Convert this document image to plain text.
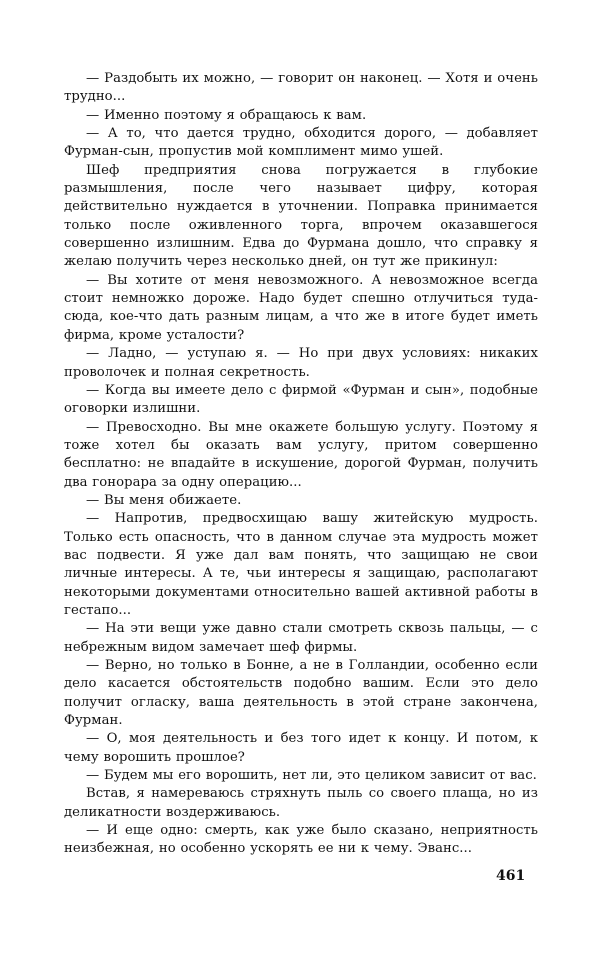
— Раздобыть их можно, — говорит он наконец. — Хотя и очень трудно...

— Именно поэтому я обращаюсь к вам.

— А то, что дается трудно, обходится дорого, — добавляет Фурман-сын, пропустив мой комплимент мимо ушей.

Шеф предприятия снова погружается в глубокие размышления, после чего называет цифру, которая действительно нуждается в уточнении. Поправка принимается только после оживленного торга, впрочем оказавшегося совершенно излишним. Едва до Фурмана дошло, что справку я желаю получить через несколько дней, он тут же прикинул:

— Вы хотите от меня невозможного. А невозможное всегда стоит немножко дороже. Надо будет спешно отлучиться туда-сюда, кое-что дать разным лицам, а что же в итоге будет иметь фирма, кроме усталости?

— Ладно, — уступаю я. — Но при двух условиях: никаких проволочек и полная секретность.

— Когда вы имеете дело с фирмой «Фурман и сын», подобные оговорки излишни.

— Превосходно. Вы мне окажете большую услугу. Поэтому я тоже хотел бы оказать вам услугу, притом совершенно бесплатно: не впадайте в искушение, дорогой Фурман, получить два гонорара за одну операцию...

— Вы меня обижаете.

— Напротив, предвосхищаю вашу житейскую мудрость. Только есть опасность, что в данном случае эта мудрость может вас подвести. Я уже дал вам понять, что защищаю не свои личные интересы. А те, чьи интересы я защищаю, располагают некоторыми документами относительно вашей активной работы в гестапо...

— На эти вещи уже давно стали смотреть сквозь пальцы, — с небрежным видом замечает шеф фирмы.

— Верно, но только в Бонне, а не в Голландии, особенно если дело касается обстоятельств подобно вашим. Если это дело получит огласку, ваша деятельность в этой стране закончена, Фурман.

— О, моя деятельность и без того идет к концу. И потом, к чему ворошить прошлое?

— Будем мы его ворошить, нет ли, это целиком зависит от вас.

Встав, я намереваюсь стряхнуть пыль со своего плаща, но из деликатности воздерживаюсь.

— И еще одно: смерть, как уже было сказано, неприятность неизбежная, но особенно ускорять ее ни к чему. Эванс...

461
